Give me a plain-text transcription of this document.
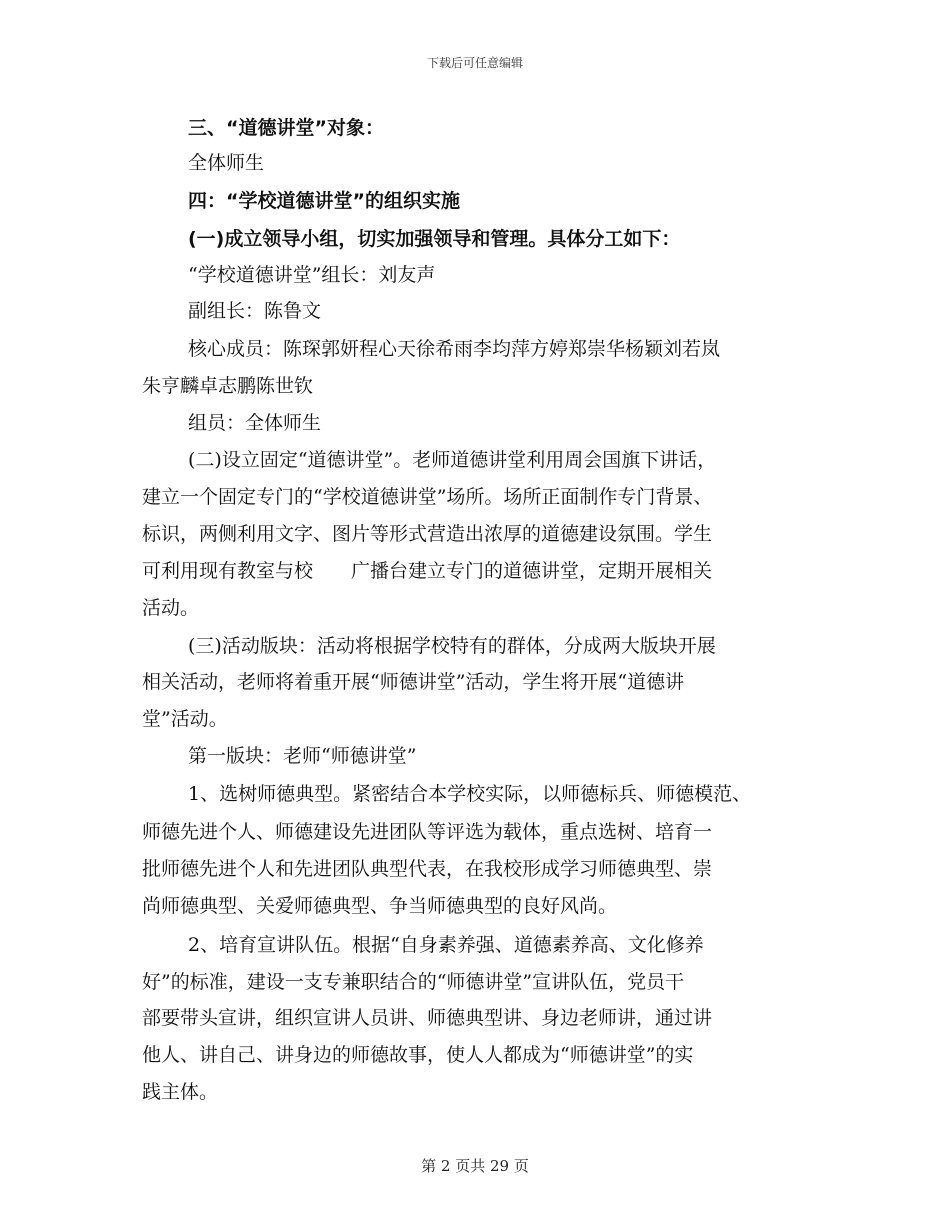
下载后可任意编辑
三、“道德讲堂”对象：
全体师生
四：“学校道德讲堂”的组织实施
(一)成立领导小组，切实加强领导和管理。具体分工如下：
“学校道德讲堂”组长：刘友声
副组长：陈鲁文
核心成员：陈琛郭妍程心天徐希雨李均萍方婷郑崇华杨颖刘若岚
朱亨麟卓志鹏陈世钦
组员：全体师生
(二)设立固定“道德讲堂”。老师道德讲堂利用周会国旗下讲话，
建立一个固定专门的“学校道德讲堂”场所。场所正面制作专门背景、
标识，两侧利用文字、图片等形式营造出浓厚的道德建设氛围。学生
可利用现有教室与校　　广播台建立专门的道德讲堂，定期开展相关
活动。
(三)活动版块：活动将根据学校特有的群体，分成两大版块开展
相关活动，老师将着重开展“师德讲堂”活动，学生将开展“道德讲
堂”活动。
第一版块：老师“师德讲堂”
1、选树师德典型。紧密结合本学校实际，以师德标兵、师德模范、
师德先进个人、师德建设先进团队等评选为载体，重点选树、培育一
批师德先进个人和先进团队典型代表，在我校形成学习师德典型、崇
尚师德典型、关爱师德典型、争当师德典型的良好风尚。
2、培育宣讲队伍。根据“自身素养强、道德素养高、文化修养
好”的标准，建设一支专兼职结合的“师德讲堂”宣讲队伍，党员干
部要带头宣讲，组织宣讲人员讲、师德典型讲、身边老师讲，通过讲
他人、讲自己、讲身边的师德故事，使人人都成为“师德讲堂”的实
践主体。
第 2 页共 29 页
